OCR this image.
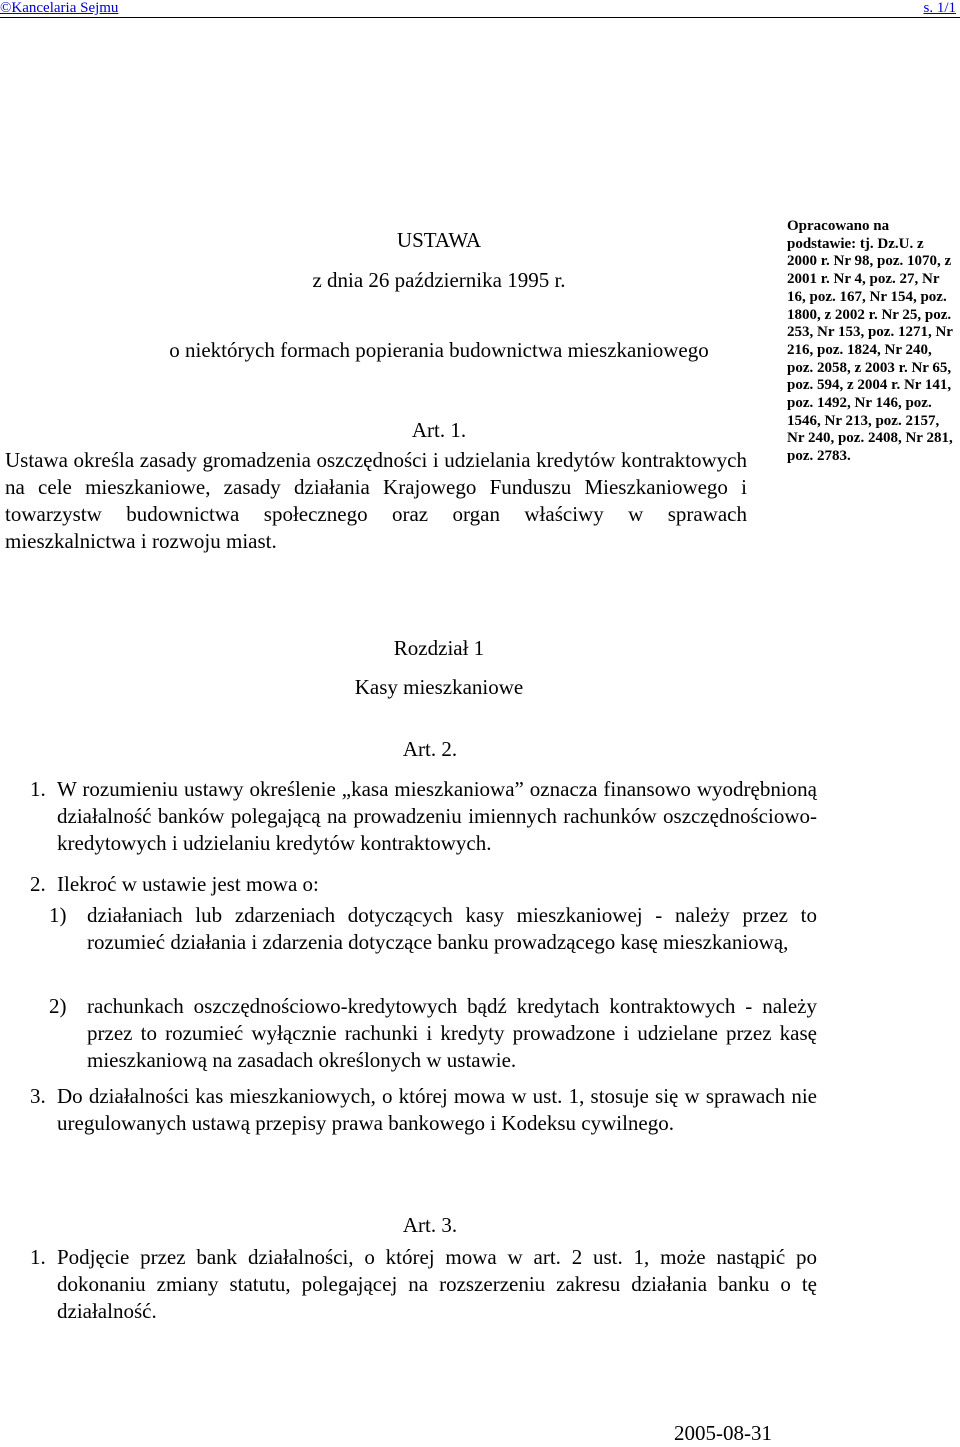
©Kancelaria Sejmu	s. 1/1
USTAWA
z dnia 26 października 1995 r.
o niektórych formach popierania budownictwa mieszkaniowego
Opracowano na podstawie: tj. Dz.U. z 2000 r. Nr 98, poz. 1070, z 2001 r. Nr 4, poz. 27, Nr 16, poz. 167, Nr 154, poz. 1800, z 2002 r. Nr 25, poz. 253, Nr 153, poz. 1271, Nr 216, poz. 1824, Nr 240, poz. 2058, z 2003 r. Nr 65, poz. 594, z 2004 r. Nr 141, poz. 1492, Nr 146, poz. 1546, Nr 213, poz. 2157, Nr 240, poz. 2408, Nr 281, poz. 2783.
Art. 1.
Ustawa określa zasady gromadzenia oszczędności i udzielania kredytów kontraktowych na cele mieszkaniowe, zasady działania Krajowego Funduszu Mieszkaniowego i towarzystw budownictwa społecznego oraz organ właściwy w sprawach mieszkalnictwa i rozwoju miast.
Rozdział 1
Kasy mieszkaniowe
Art. 2.
1. W rozumieniu ustawy określenie „kasa mieszkaniowa” oznacza finansowo wyodrębnioną działalność banków polegającą na prowadzeniu imiennych rachunków oszczędnościowo-kredytowych i udzielaniu kredytów kontraktowych.
2. Ilekroć w ustawie jest mowa o:
1) działaniach lub zdarzeniach dotyczących kasy mieszkaniowej - należy przez to rozumieć działania i zdarzenia dotyczące banku prowadzącego kasę mieszkaniową,
2) rachunkach oszczędnościowo-kredytowych bądź kredytach kontraktowych - należy przez to rozumieć wyłącznie rachunki i kredyty prowadzone i udzielane przez kasę mieszkaniową na zasadach określonych w ustawie.
3. Do działalności kas mieszkaniowych, o której mowa w ust. 1, stosuje się w sprawach nie uregulowanych ustawą przepisy prawa bankowego i Kodeksu cywilnego.
Art. 3.
1. Podjęcie przez bank działalności, o której mowa w art. 2 ust. 1, może nastąpić po dokonaniu zmiany statutu, polegającej na rozszerzeniu zakresu działania banku o tę działalność.
2005-08-31
